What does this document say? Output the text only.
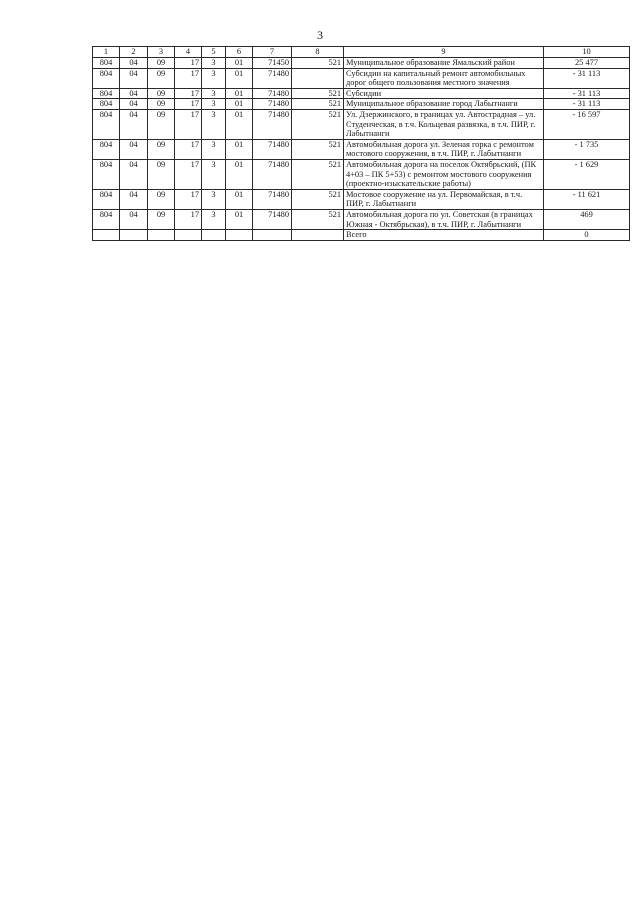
3
1	2	3	4	5	6	7	8	9	10
804	04	09	17	3	01	71450	521	Муниципальное образование Ямальский район	25 477
804	04	09	17	3	01	71480		Субсидии на капитальный ремонт автомобильных дорог общего пользования местного значения	- 31 113
804	04	09	17	3	01	71480	521	Субсидии	- 31 113
804	04	09	17	3	01	71480	521	Муниципальное образование город Лабытнанги	- 31 113
804	04	09	17	3	01	71480	521	Ул. Дзержинского, в границах ул. Автострадная – ул. Студенческая, в т.ч. Кольцевая развязка, в т.ч. ПИР, г. Лабытнанги	- 16 597
804	04	09	17	3	01	71480	521	Автомобильная дорога ул. Зеленая горка с ремонтом мостового сооружения, в т.ч. ПИР, г. Лабытнанги	- 1 735
804	04	09	17	3	01	71480	521	Автомобильная дорога на поселок Октябрьский, (ПК 4+03 – ПК 5+53) с ремонтом мостового сооружения (проектно-изыскательские работы)	- 1 629
804	04	09	17	3	01	71480	521	Мостовое сооружение на ул. Первомайская, в т.ч. ПИР, г. Лабытнанги	- 11 621
804	04	09	17	3	01	71480	521	Автомобильная дорога по ул. Советская (в границах Южная - Октябрьская), в т.ч. ПИР, г. Лабытнанги	469
								Всего	0
